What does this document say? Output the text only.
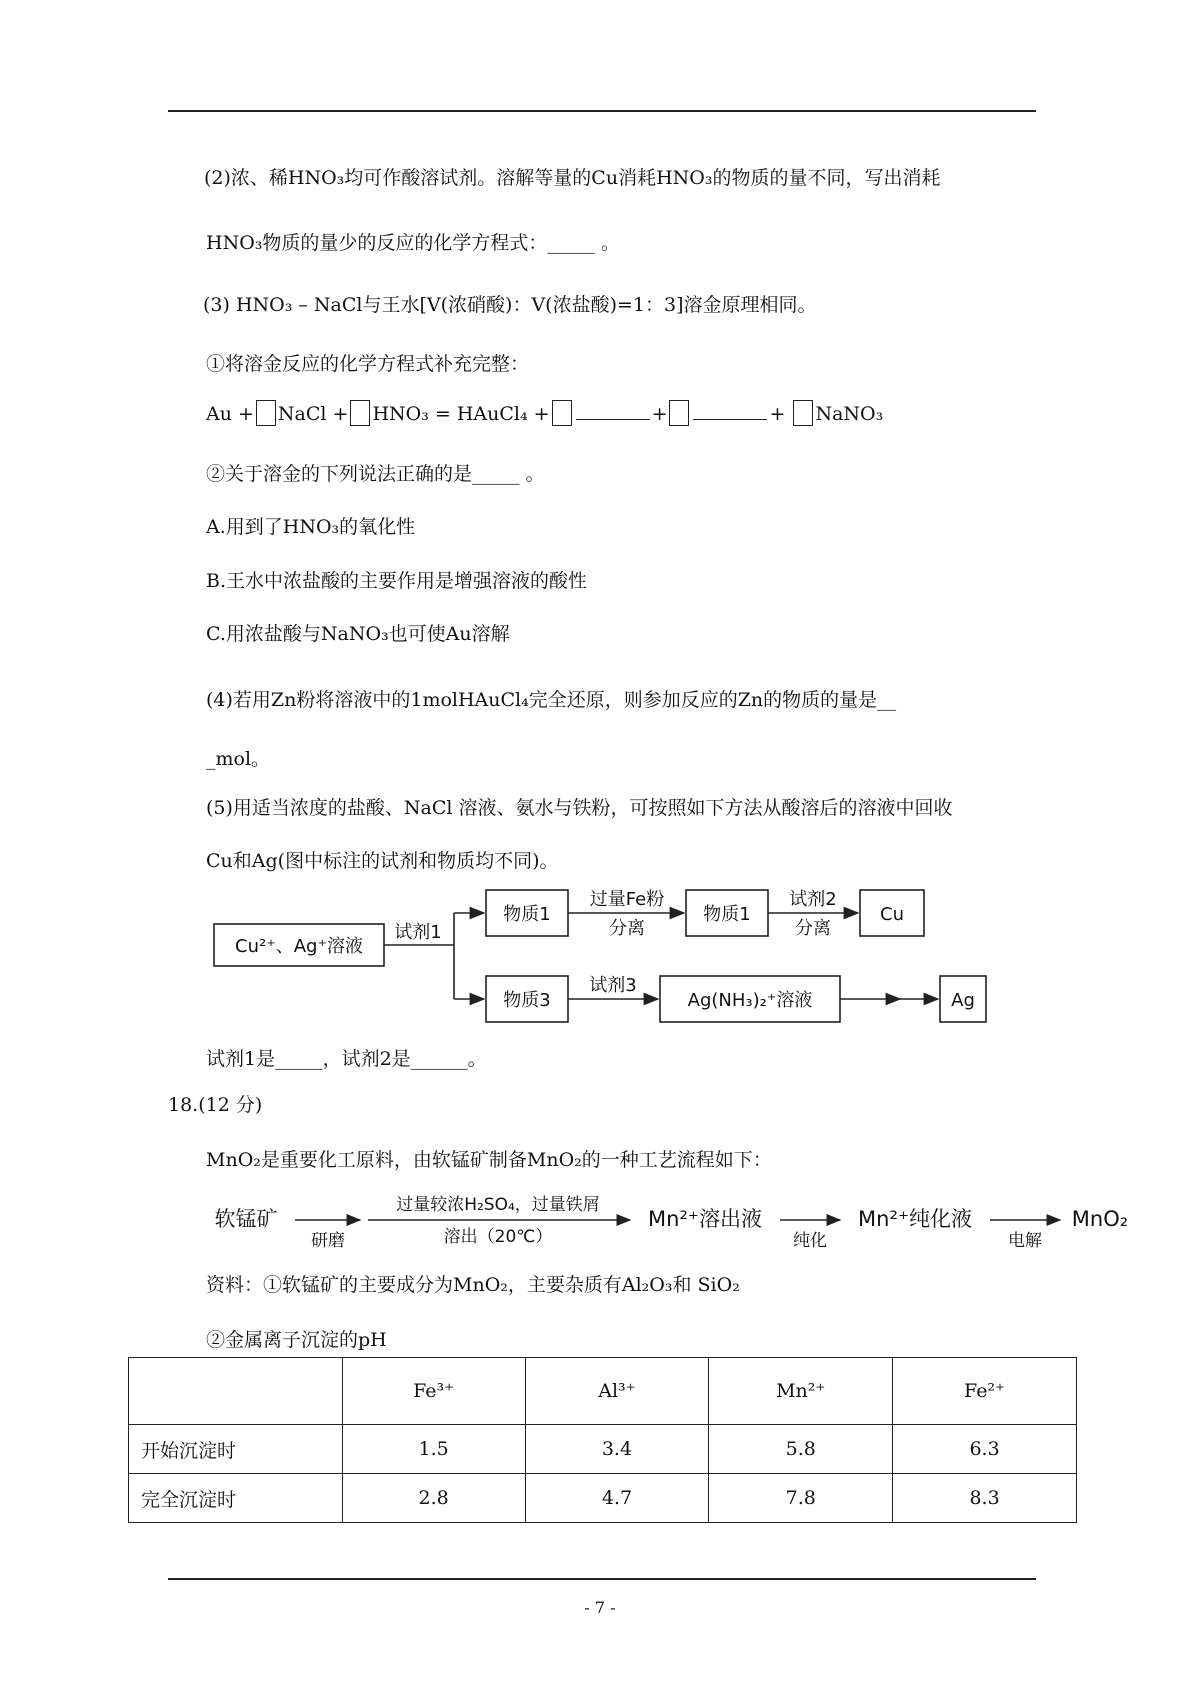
(2)浓、稀HNO₃均可作酸溶试剂。溶解等量的Cu消耗HNO₃的物质的量不同，写出消耗
HNO₃物质的量少的反应的化学方程式：_____ 。
(3) HNO₃ – NaCl与王水[V(浓硝酸)：V(浓盐酸)=1：3]溶金原理相同。
①将溶金反应的化学方程式补充完整：
Au + NaCl + HNO₃ = HAuCl₄ +	+	+ NaNO₃
②关于溶金的下列说法正确的是_____ 。
A.用到了HNO₃的氧化性
B.王水中浓盐酸的主要作用是增强溶液的酸性
C.用浓盐酸与NaNO₃也可使Au溶解
(4)若用Zn粉将溶液中的1molHAuCl₄完全还原，则参加反应的Zn的物质的量是__
_mol。
(5)用适当浓度的盐酸、NaCl 溶液、氨水与铁粉，可按照如下方法从酸溶后的溶液中回收
Cu和Ag(图中标注的试剂和物质均不同)。
Cu²⁺、Ag⁺溶液
试剂1
物质1
过量Fe粉
分离
物质1
试剂2
分离
Cu
物质3
试剂3
Ag(NH₃)₂⁺溶液	Ag
试剂1是_____，试剂2是______。
18.(12 分)
MnO₂是重要化工原料，由软锰矿制备MnO₂的一种工艺流程如下：
软锰矿
研磨
过量较浓H₂SO₄，过量铁屑
溶出（20℃）
Mn²⁺溶出液
纯化
Mn²⁺纯化液
电解
MnO₂
资料：①软锰矿的主要成分为MnO₂，主要杂质有Al₂O₃和 SiO₂
②金属离子沉淀的pH
	Fe³⁺	Al³⁺	Mn²⁺	Fe²⁺
开始沉淀时	1.5	3.4	5.8	6.3
完全沉淀时	2.8	4.7	7.8	8.3
- 7 -
